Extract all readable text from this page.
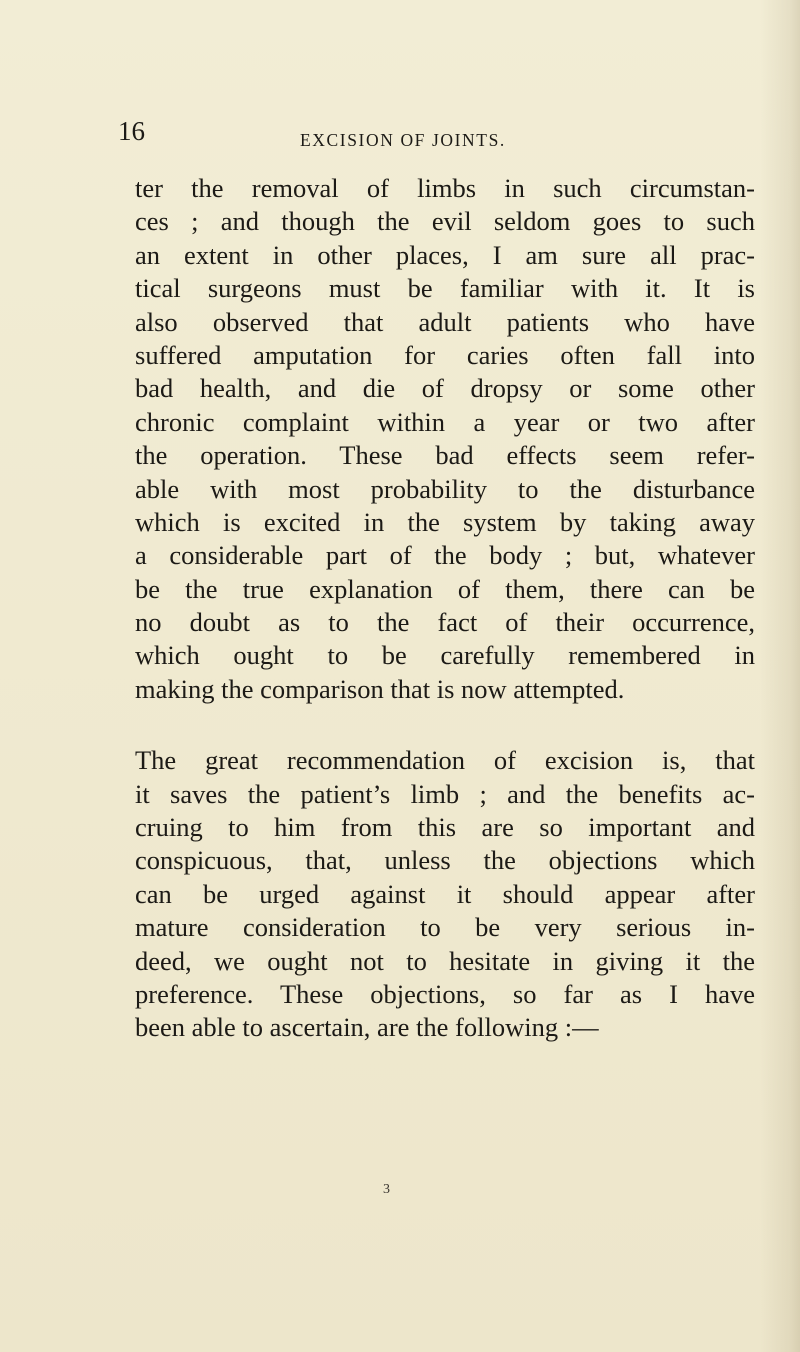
16	EXCISION OF JOINTS.
ter the removal of limbs in such circumstan-
ces ; and though the evil seldom goes to such
an extent in other places, I am sure all prac-
tical surgeons must be familiar with it. It is
also observed that adult patients who have
suffered amputation for caries often fall into
bad health, and die of dropsy or some other
chronic complaint within a year or two after
the operation. These bad effects seem refer-
able with most probability to the disturbance
which is excited in the system by taking away
a considerable part of the body ; but, whatever
be the true explanation of them, there can be
no doubt as to the fact of their occurrence,
which ought to be carefully remembered in
making the comparison that is now attempted.
The great recommendation of excision is, that
it saves the patient’s limb ; and the benefits ac-
cruing to him from this are so important and
conspicuous, that, unless the objections which
can be urged against it should appear after
mature consideration to be very serious in-
deed, we ought not to hesitate in giving it the
preference. These objections, so far as I have
been able to ascertain, are the following :—
3
